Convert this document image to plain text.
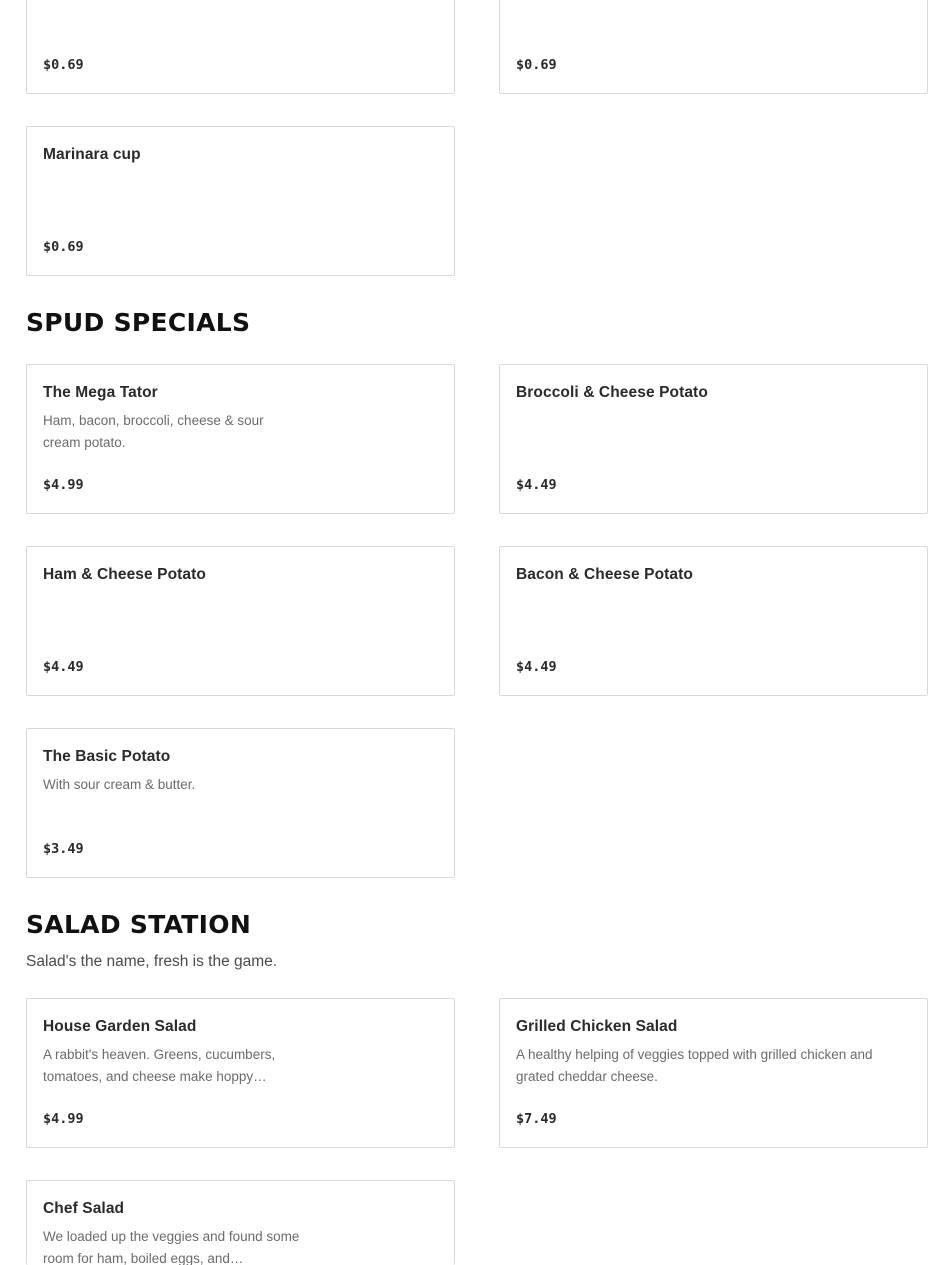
$0.69	$0.69
Marinara cup
$0.69
SPUD SPECIALS
The Mega Tator
Ham, bacon, broccoli, cheese & sour cream potato.
$4.99
Broccoli & Cheese Potato
$4.49
Ham & Cheese Potato
$4.49
Bacon & Cheese Potato
$4.49
The Basic Potato
With sour cream & butter.
$3.49
SALAD STATION
Salad's the name, fresh is the game.
House Garden Salad
A rabbit's heaven. Greens, cucumbers, tomatoes, and cheese make hoppy…
$4.99
Grilled Chicken Salad
A healthy helping of veggies topped with grilled chicken and grated cheddar cheese.
$7.49
Chef Salad
We loaded up the veggies and found some room for ham, boiled eggs, and…
